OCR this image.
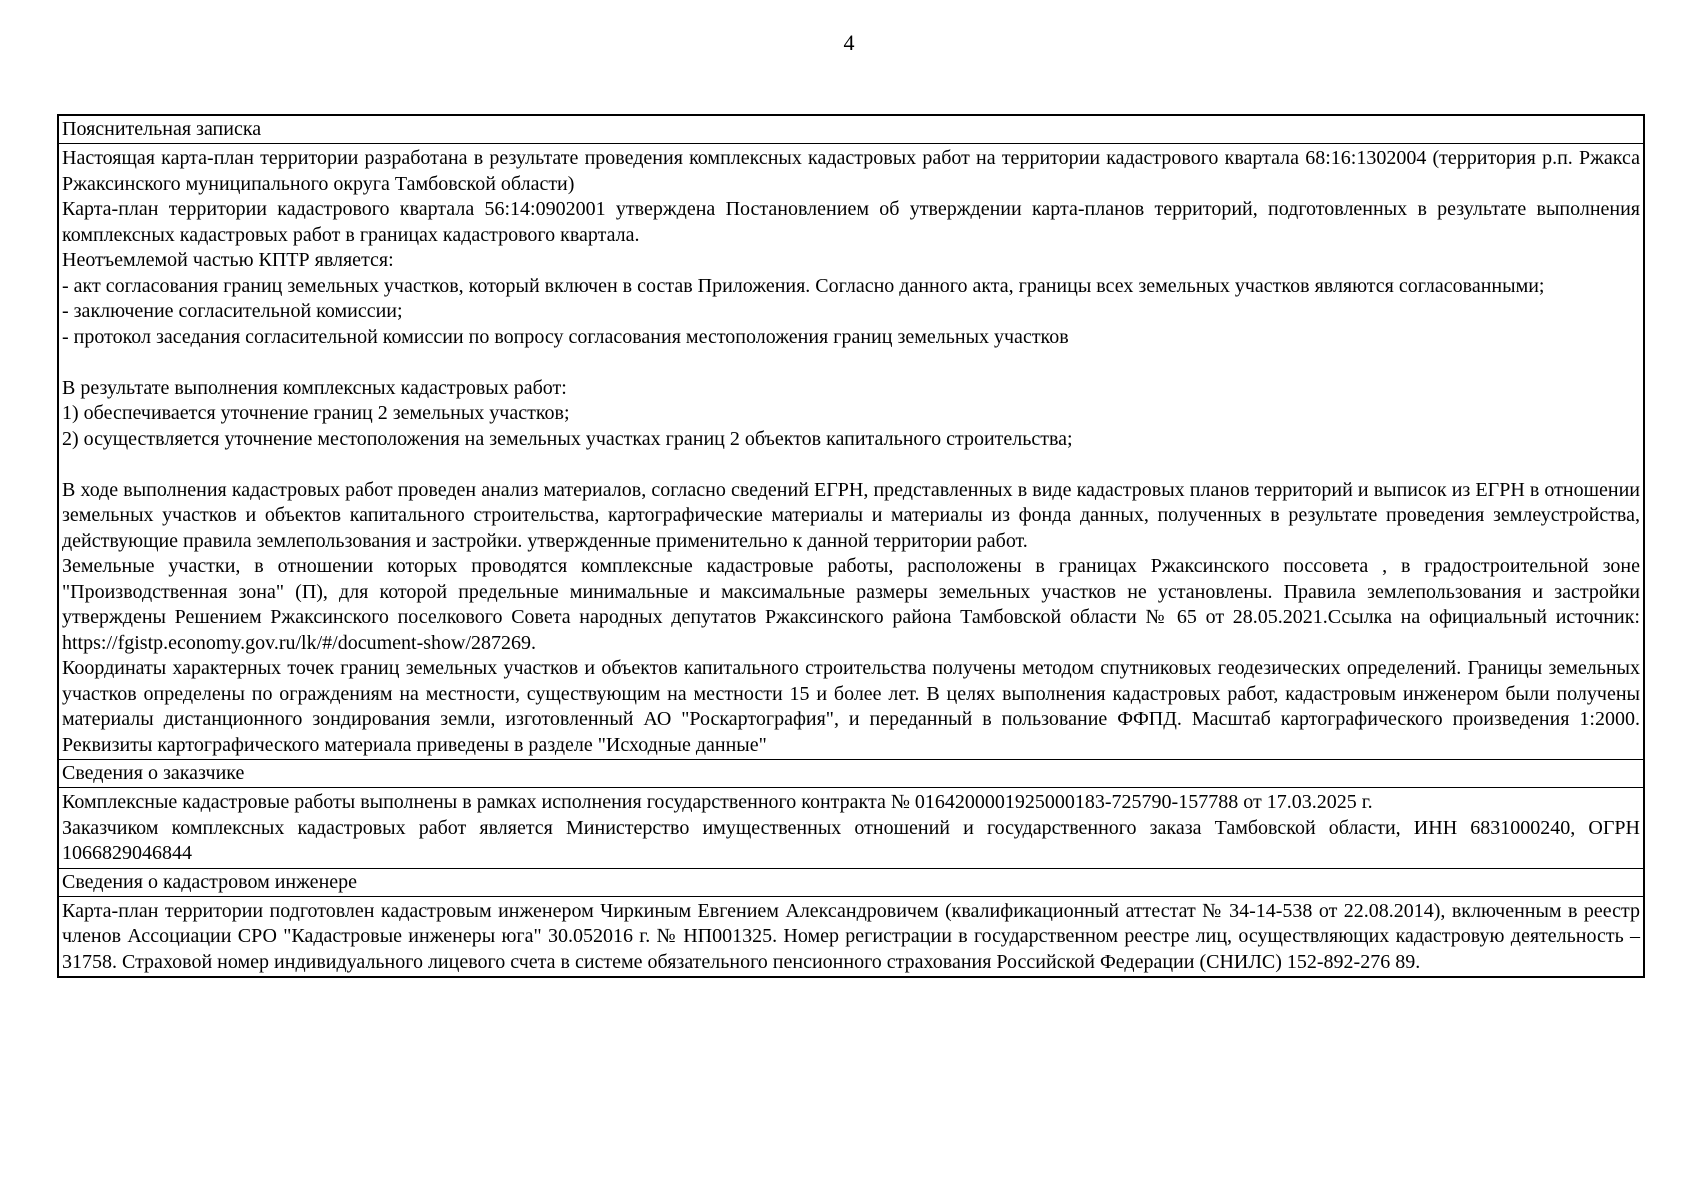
4
Пояснительная записка

Настоящая карта-план территории разработана в результате проведения комплексных кадастровых работ на территории кадастрового квартала 68:16:1302004 (территория р.п. Ржакса Ржаксинского муниципального округа Тамбовской области)

Карта-план территории кадастрового квартала 56:14:0902001 утверждена Постановлением об утверждении карта-планов территорий, подготовленных в результате выполнения комплексных кадастровых работ в границах кадастрового квартала.

Неотъемлемой частью КПТР является:

- акт согласования границ земельных участков, который включен в состав Приложения. Согласно данного акта, границы всех земельных участков являются согласованными;

- заключение согласительной комиссии;

- протокол заседания согласительной комиссии по вопросу согласования местоположения границ земельных участков

В результате выполнения комплексных кадастровых работ:

1) обеспечивается уточнение границ 2 земельных участков;

2) осуществляется уточнение местоположения на земельных участках границ 2 объектов капитального строительства;

В ходе выполнения кадастровых работ проведен анализ материалов, согласно сведений ЕГРН, представленных в виде кадастровых планов территорий и выписок из ЕГРН в отношении земельных участков и объектов капитального строительства, картографические материалы и материалы из фонда данных, полученных в результате проведения землеустройства, действующие правила землепользования и застройки. утвержденные применительно к данной территории работ.

Земельные участки, в отношении которых проводятся комплексные кадастровые работы, расположены в границах Ржаксинского поссовета , в градостроительной зоне "Производственная зона" (П), для которой предельные минимальные и максимальные размеры земельных участков не установлены. Правила землепользования и застройки утверждены Решением Ржаксинского поселкового Совета народных депутатов Ржаксинского района Тамбовской области № 65 от 28.05.2021.Ссылка на официальный источник: https://fgistp.economy.gov.ru/lk/#/document-show/287269.

Координаты характерных точек границ земельных участков и объектов капитального строительства получены методом спутниковых геодезических определений. Границы земельных участков определены по ограждениям на местности, существующим на местности 15 и более лет. В целях выполнения кадастровых работ, кадастровым инженером были получены материалы дистанционного зондирования земли, изготовленный АО "Роскартография", и переданный в пользование ФФПД. Масштаб картографического произведения 1:2000. Реквизиты картографического материала приведены в разделе "Исходные данные"

Сведения о заказчике

Комплексные кадастровые работы выполнены в рамках исполнения государственного контракта № 0164200001925000183-725790-157788 от 17.03.2025 г.

Заказчиком комплексных кадастровых работ является Министерство имущественных отношений и государственного заказа Тамбовской области, ИНН 6831000240, ОГРН 1066829046844

Сведения о кадастровом инженере

Карта-план территории подготовлен кадастровым инженером Чиркиным Евгением Александровичем (квалификационный аттестат № 34-14-538 от 22.08.2014), включенным в реестр членов Ассоциации СРО "Кадастровые инженеры юга" 30.052016 г. № НП001325. Номер регистрации в государственном реестре лиц, осуществляющих кадастровую деятельность – 31758. Страховой номер индивидуального лицевого счета в системе обязательного пенсионного страхования Российской Федерации (СНИЛС) 152-892-276 89.
